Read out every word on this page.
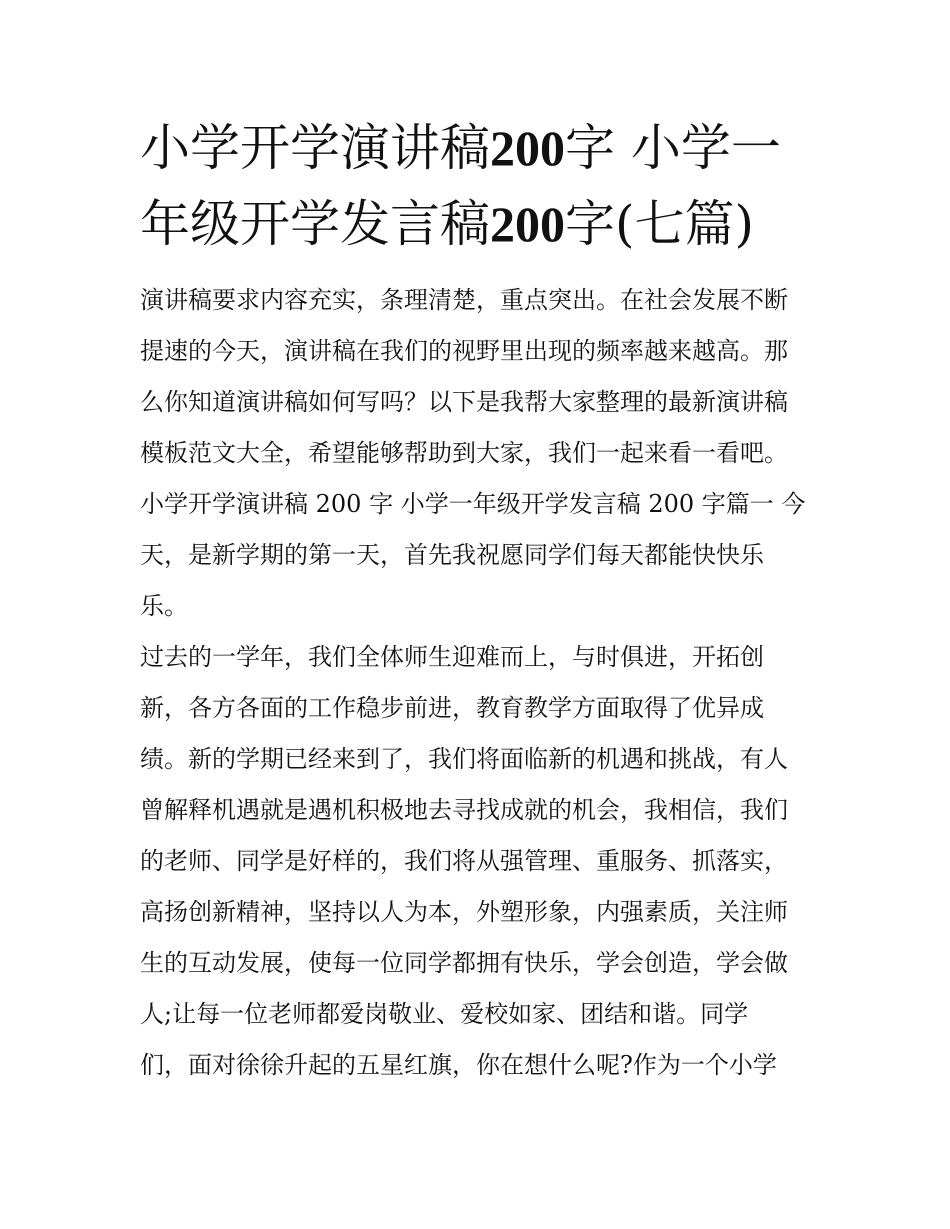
小学开学演讲稿200字 小学一
年级开学发言稿200字(七篇)
演讲稿要求内容充实，条理清楚，重点突出。在社会发展不断
提速的今天，演讲稿在我们的视野里出现的频率越来越高。那
么你知道演讲稿如何写吗？以下是我帮大家整理的最新演讲稿
模板范文大全，希望能够帮助到大家，我们一起来看一看吧。
小学开学演讲稿 200 字 小学一年级开学发言稿 200 字篇一 今
天，是新学期的第一天，首先我祝愿同学们每天都能快快乐
乐。
过去的一学年，我们全体师生迎难而上，与时俱进，开拓创
新，各方各面的工作稳步前进，教育教学方面取得了优异成
绩。新的学期已经来到了，我们将面临新的机遇和挑战，有人
曾解释机遇就是遇机积极地去寻找成就的机会，我相信，我们
的老师、同学是好样的，我们将从强管理、重服务、抓落实，
高扬创新精神，坚持以人为本，外塑形象，内强素质，关注师
生的互动发展，使每一位同学都拥有快乐，学会创造，学会做
人;让每一位老师都爱岗敬业、爱校如家、团结和谐。同学
们，面对徐徐升起的五星红旗，你在想什么呢?作为一个小学
